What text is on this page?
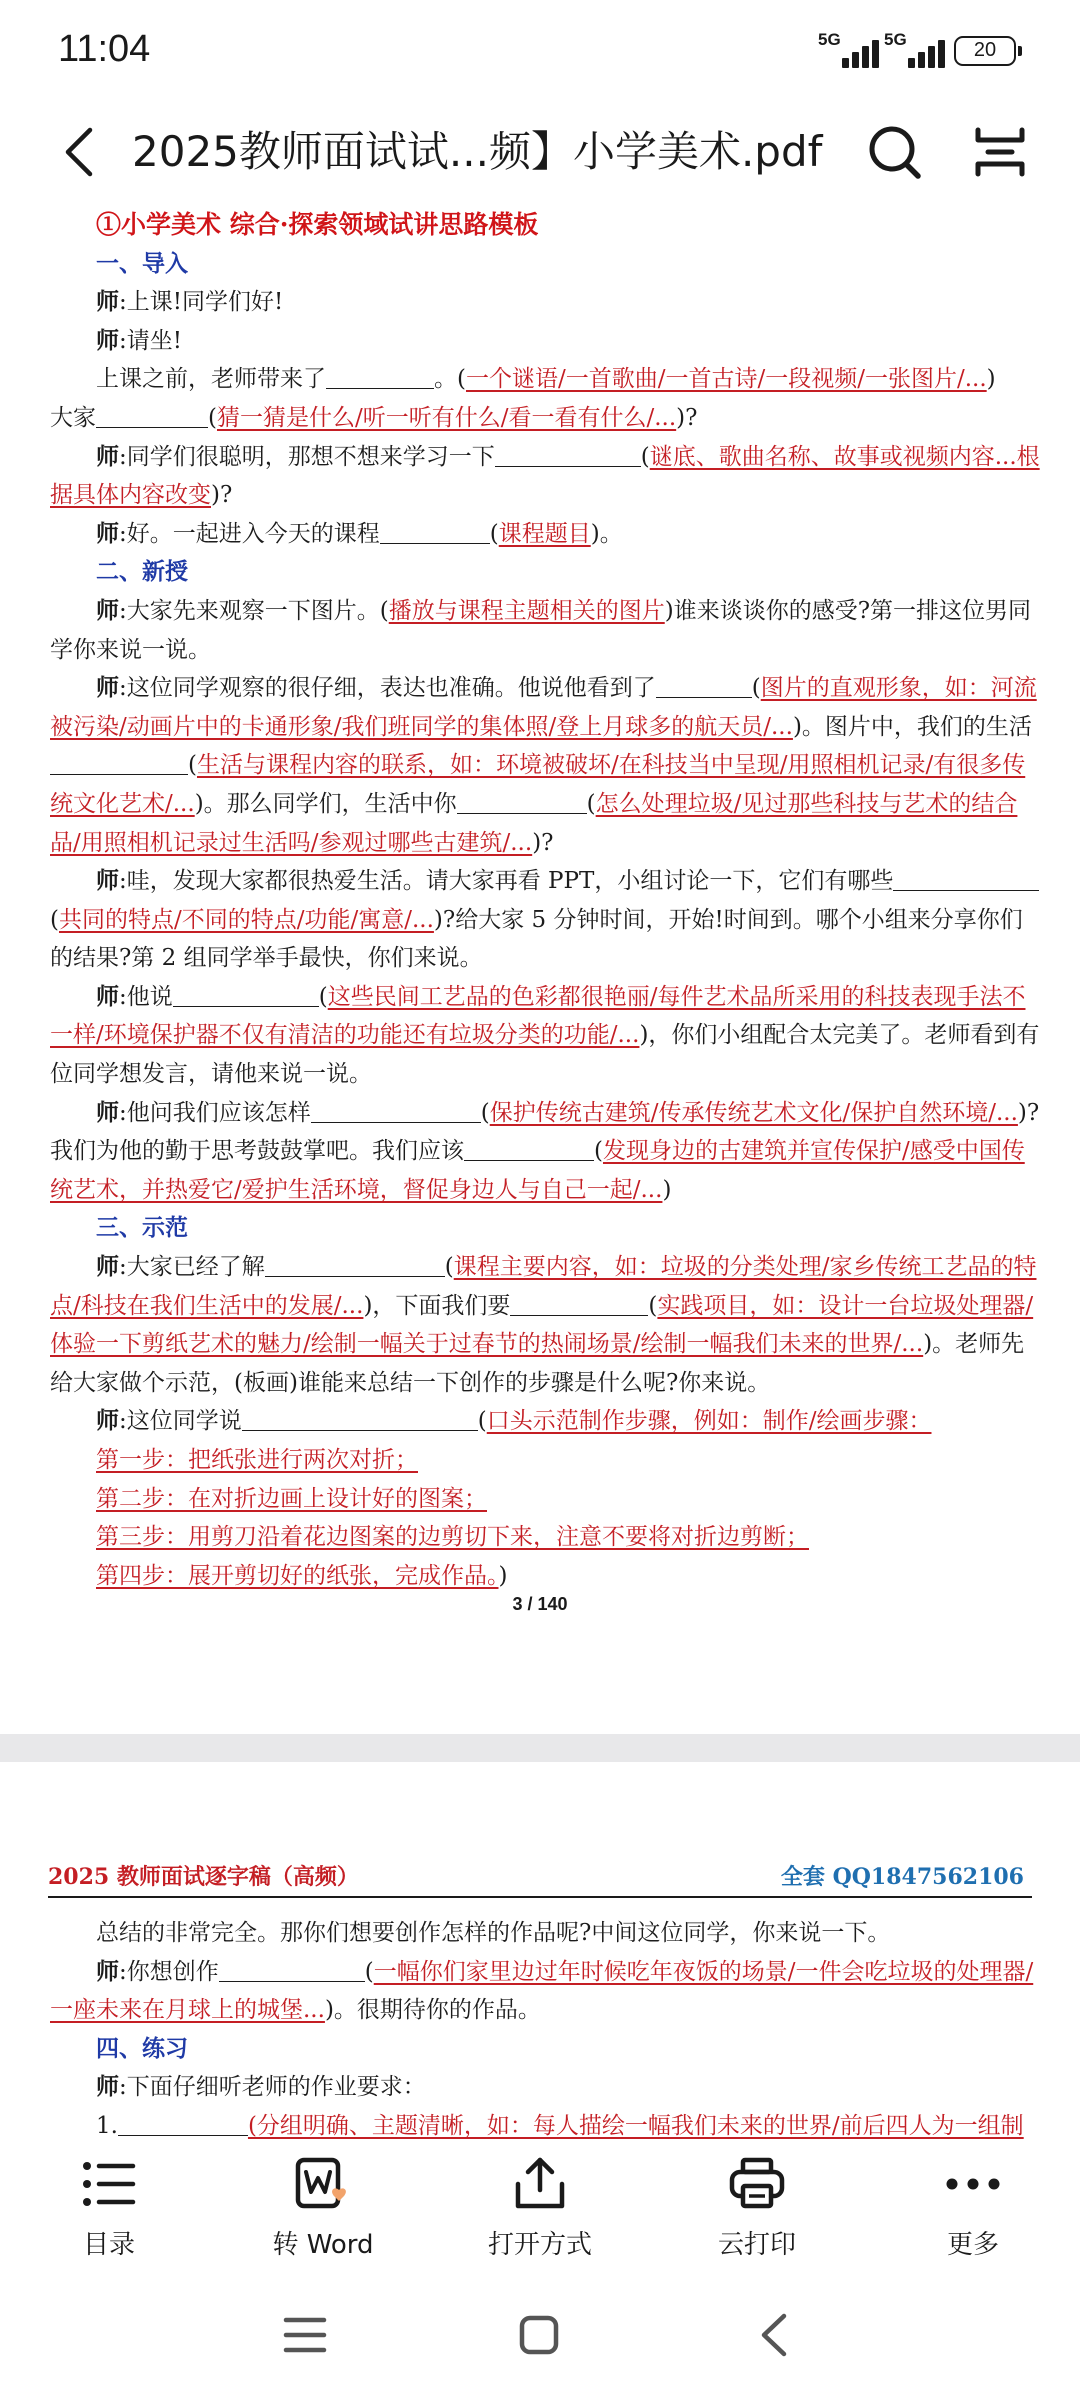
11:04	5G	5G	20
2025教师面试试...频】小学美术.pdf

①小学美术 综合·探索领域试讲思路模板

一、导入

师:上课!同学们好!

师:请坐!

上课之前，老师带来了	。(一个谜语/一首歌曲/一首古诗/一段视频/一张图片/...)

大家	(猜一猜是什么/听一听有什么/看一看有什么/...)?

师:同学们很聪明，那想不想来学习一下	(谜底、歌曲名称、故事或视频内容...根据具体内容改变)?

师:好。一起进入今天的课程	(课程题目)。

二、新授

师:大家先来观察一下图片。(播放与课程主题相关的图片)谁来谈谈你的感受?第一排这位男同学你来说一说。

师:这位同学观察的很仔细，表达也准确。他说他看到了	(图片的直观形象，如：河流被污染/动画片中的卡通形象/我们班同学的集体照/登上月球多的航天员/...)。图片中，我们的生活(生活与课程内容的联系，如：环境被破坏/在科技当中呈现/用照相机记录/有很多传统文化艺术/...)。那么同学们，生活中你	(怎么处理垃圾/见过那些科技与艺术的结合品/用照相机记录过生活吗/参观过哪些古建筑/...)?

师:哇，发现大家都很热爱生活。请大家再看 PPT，小组讨论一下，它们有哪些(共同的特点/不同的特点/功能/寓意/...)?给大家 5 分钟时间，开始!时间到。哪个小组来分享你们的结果?第 2 组同学举手最快，你们来说。

师:他说	(这些民间工艺品的色彩都很艳丽/每件艺术品所采用的科技表现手法不一样/环境保护器不仅有清洁的功能还有垃圾分类的功能/...)，你们小组配合太完美了。老师看到有位同学想发言，请他来说一说。

师:他问我们应该怎样	(保护传统古建筑/传承传统艺术文化/保护自然环境/...)?我们为他的勤于思考鼓鼓掌吧。我们应该	(发现身边的古建筑并宣传保护/感受中国传统艺术，并热爱它/爱护生活环境，督促身边人与自己一起/...)

三、示范

师:大家已经了解	(课程主要内容，如：垃圾的分类处理/家乡传统工艺品的特点/科技在我们生活中的发展/...)，下面我们要	(实践项目，如：设计一台垃圾处理器/体验一下剪纸艺术的魅力/绘制一幅关于过春节的热闹场景/绘制一幅我们未来的世界/...)。老师先给大家做个示范，(板画)谁能来总结一下创作的步骤是什么呢?你来说。

师:这位同学说	(口头示范制作步骤，例如：制作/绘画步骤：

第一步：把纸张进行两次对折；

第二步：在对折边画上设计好的图案；

第三步：用剪刀沿着花边图案的边剪切下来，注意不要将对折边剪断；

第四步：展开剪切好的纸张，完成作品。)

3 / 140
2025 教师面试逐字稿（高频）	全套 QQ1847562106

总结的非常完全。那你们想要创作怎样的作品呢?中间这位同学，你来说一下。

师:你想创作	(一幅你们家里边过年时候吃年夜饭的场景/一件会吃垃圾的处理器/一座未来在月球上的城堡...)。很期待你的作品。

四、练习

师:下面仔细听老师的作业要求：

1.	(分组明确、主题清晰，如：每人描绘一幅我们未来的世界/前后四人为一组制

目录	转 Word	打开方式	云打印	更多
